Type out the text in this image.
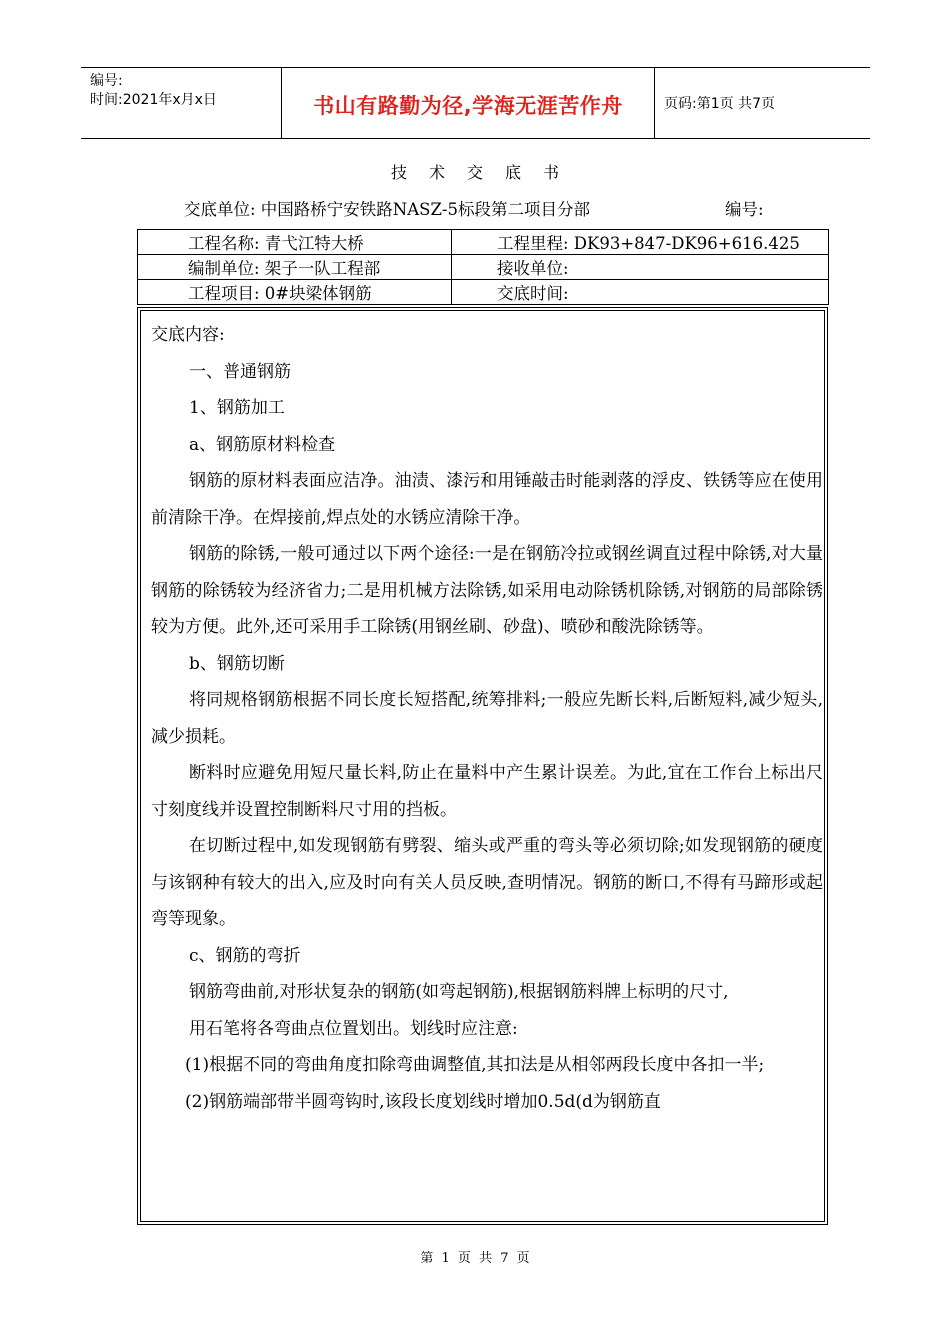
编号:
时间:2021年x月x日	书山有路勤为径,学海无涯苦作舟	页码:第1页 共7页
技术交底书
交底单位: 中国路桥宁安铁路NASZ-5标段第二项目分部	编号:
工程名称: 青弋江特大桥	工程里程: DK93+847-DK96+616.425
编制单位: 架子一队工程部	接收单位:
工程项目: 0#块梁体钢筋	交底时间:

交底内容:

一、普通钢筋

1、钢筋加工

a、钢筋原材料检查

钢筋的原材料表面应洁净。油渍、漆污和用锤敲击时能剥落的浮皮、铁锈等应在使用前清除干净。在焊接前,焊点处的水锈应清除干净。

钢筋的除锈,一般可通过以下两个途径:一是在钢筋冷拉或钢丝调直过程中除锈,对大量钢筋的除锈较为经济省力;二是用机械方法除锈,如采用电动除锈机除锈,对钢筋的局部除锈较为方便。此外,还可采用手工除锈(用钢丝刷、砂盘)、喷砂和酸洗除锈等。

b、钢筋切断

将同规格钢筋根据不同长度长短搭配,统筹排料;一般应先断长料,后断短料,减少短头,减少损耗。

断料时应避免用短尺量长料,防止在量料中产生累计误差。为此,宜在工作台上标出尺寸刻度线并设置控制断料尺寸用的挡板。

在切断过程中,如发现钢筋有劈裂、缩头或严重的弯头等必须切除;如发现钢筋的硬度与该钢种有较大的出入,应及时向有关人员反映,查明情况。钢筋的断口,不得有马蹄形或起弯等现象。

c、钢筋的弯折

钢筋弯曲前,对形状复杂的钢筋(如弯起钢筋),根据钢筋料牌上标明的尺寸,

用石笔将各弯曲点位置划出。划线时应注意:

(1)根据不同的弯曲角度扣除弯曲调整值,其扣法是从相邻两段长度中各扣一半;

(2)钢筋端部带半圆弯钩时,该段长度划线时增加0.5d(d为钢筋直

第 1 页 共 7 页
